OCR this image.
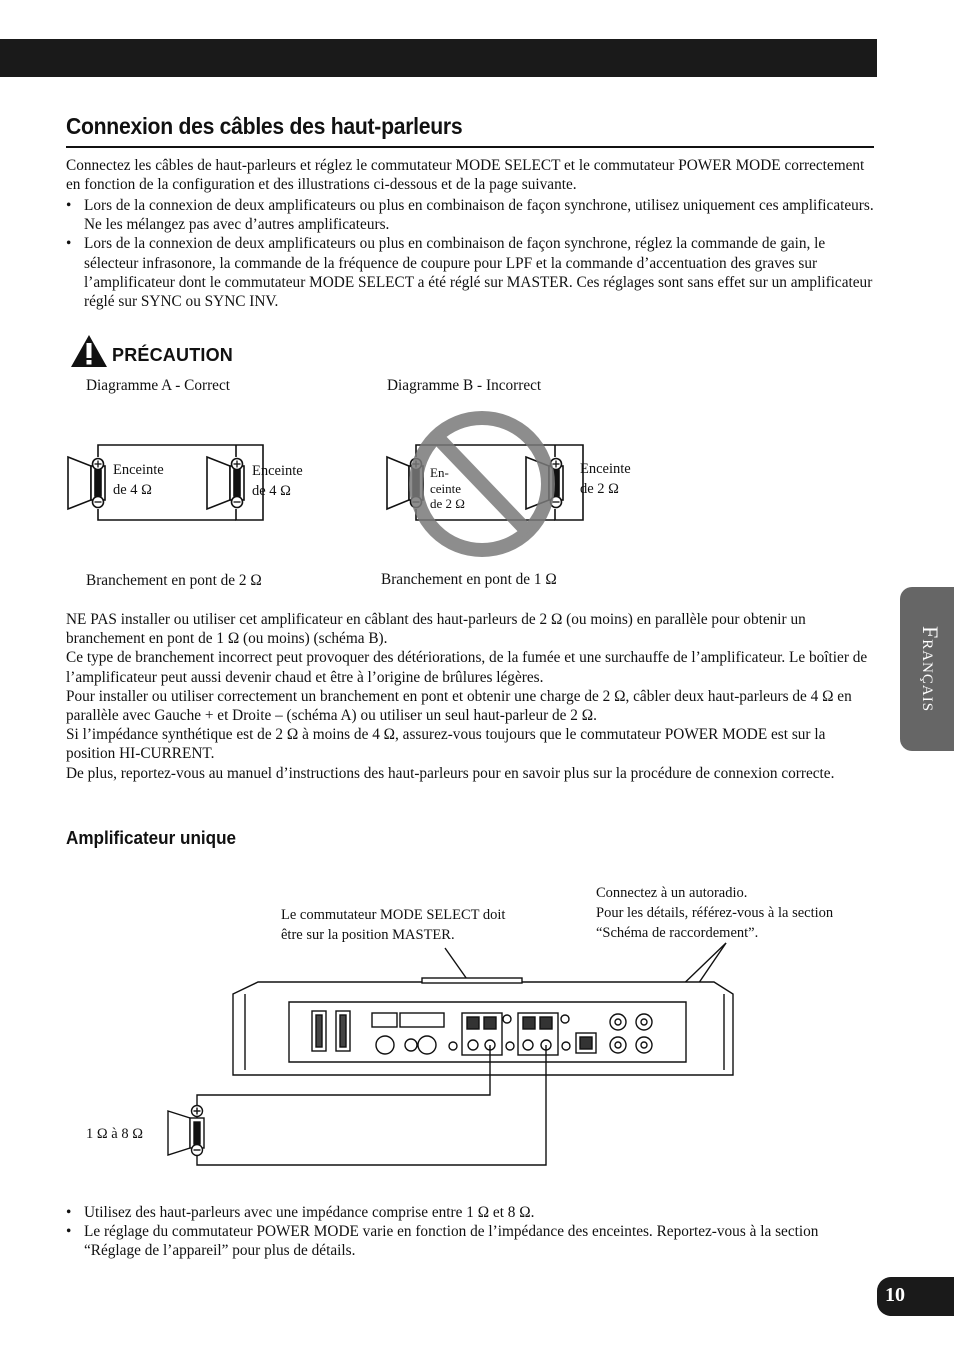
Connexion des câbles des haut-parleurs
Connectez les câbles de haut-parleurs et réglez le commutateur MODE SELECT et le commutateur POWER MODE correctement en fonction de la configuration et des illustrations ci-dessous et de la page suivante.
• Lors de la connexion de deux amplificateurs ou plus en combinaison de façon synchrone, utilisez uniquement ces amplificateurs. Ne les mélangez pas avec d’autres amplificateurs.
• Lors de la connexion de deux amplificateurs ou plus en combinaison de façon synchrone, réglez la commande de gain, le sélecteur infrasonore, la commande de la fréquence de coupure pour LPF et la commande d’accentuation des graves sur l’amplificateur dont le commutateur MODE SELECT a été réglé sur MASTER. Ces réglages sont sans effet sur un amplificateur réglé sur SYNC ou SYNC INV.
PRÉCAUTION
Diagramme A - Correct	Diagramme B - Incorrect
Enceinte
de 4 Ω
Enceinte
de 4 Ω
En-
ceinte
de 2 Ω
Enceinte
de 2 Ω
Branchement en pont de 2 Ω	Branchement en pont de 1 Ω
NE PAS installer ou utiliser cet amplificateur en câblant des haut-parleurs de 2 Ω (ou moins) en parallèle pour obtenir un branchement en pont de 1 Ω (ou moins) (schéma B).
Ce type de branchement incorrect peut provoquer des détériorations, de la fumée et une surchauffe de l’amplificateur. Le boîtier de l’amplificateur peut aussi devenir chaud et être à l’origine de brûlures légères.
Pour installer ou utiliser correctement un branchement en pont et obtenir une charge de 2 Ω, câbler deux haut-parleurs de 4 Ω en parallèle avec Gauche + et Droite – (schéma A) ou utiliser un seul haut-parleur de 2 Ω.
Si l’impédance synthétique est de 2 Ω à moins de 4 Ω, assurez-vous toujours que le commutateur POWER MODE est sur la position HI-CURRENT.
De plus, reportez-vous au manuel d’instructions des haut-parleurs pour en savoir plus sur la procédure de connexion correcte.
Amplificateur unique
Le commutateur MODE SELECT doit
être sur la position MASTER.
Connectez à un autoradio.
Pour les détails, référez-vous à la section
“Schéma de raccordement”.
1 Ω à 8 Ω
• Utilisez des haut-parleurs avec une impédance comprise entre 1 Ω et 8 Ω.
• Le réglage du commutateur POWER MODE varie en fonction de l’impédance des enceintes. Reportez-vous à la section “Réglage de l’appareil” pour plus de détails.
Français
10
